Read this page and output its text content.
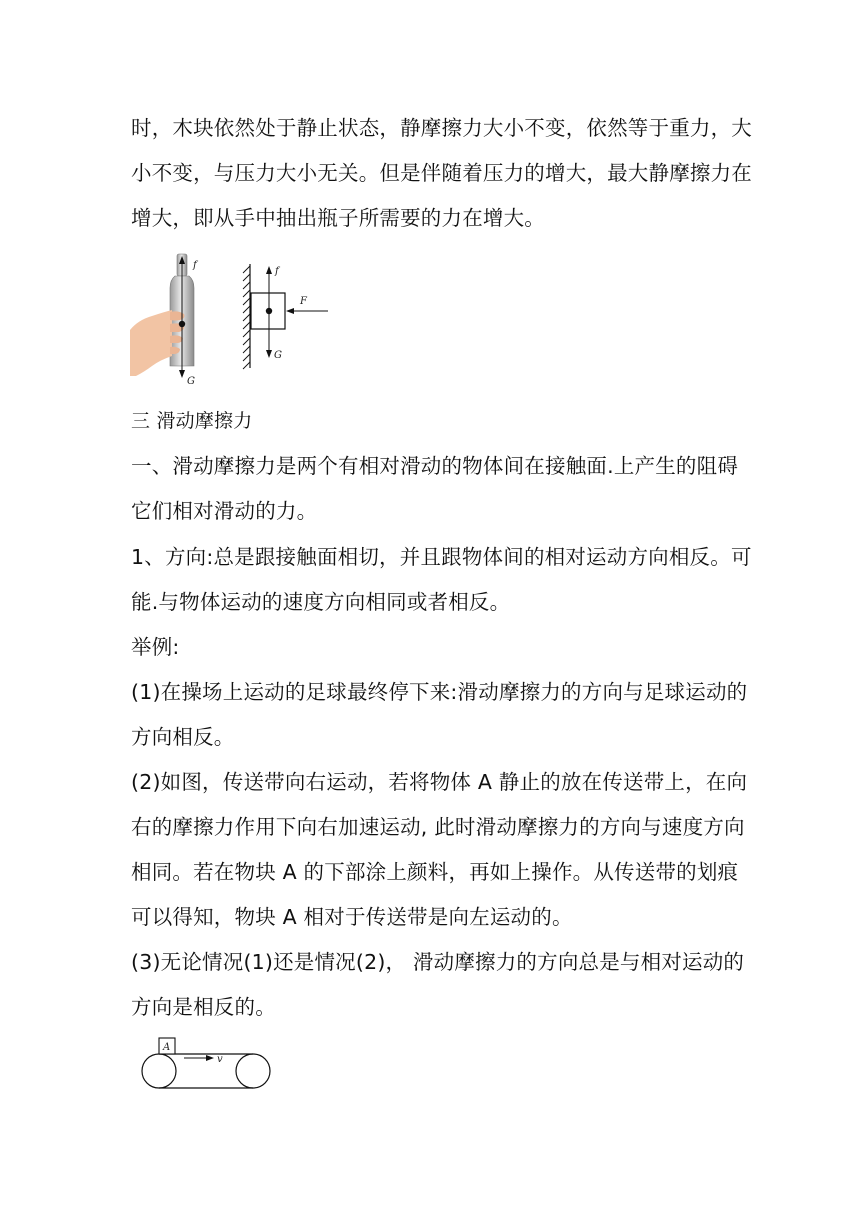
时，木块依然处于静止状态，静摩擦力大小不变，依然等于重力，大

小不变，与压力大小无关。但是伴随着压力的增大，最大静摩擦力在

增大，即从手中抽出瓶子所需要的力在增大。

f
G
f
F
G

三 滑动摩擦力

一、滑动摩擦力是两个有相对滑动的物体间在接触面.上产生的阻碍

它们相对滑动的力。

1、方向:总是跟接触面相切，并且跟物体间的相对运动方向相反。可

能.与物体运动的速度方向相同或者相反。

举例:

(1)在操场上运动的足球最终停下来:滑动摩擦力的方向与足球运动的

方向相反。

(2)如图，传送带向右运动，若将物体 A 静止的放在传送带上，在向

右的摩擦力作用下向右加速运动, 此时滑动摩擦力的方向与速度方向

相同。若在物块 A 的下部涂上颜料，再如上操作。从传送带的划痕

可以得知，物块 A 相对于传送带是向左运动的。

(3)无论情况(1)还是情况(2)， 滑动摩擦力的方向总是与相对运动的

方向是相反的。

A
v
